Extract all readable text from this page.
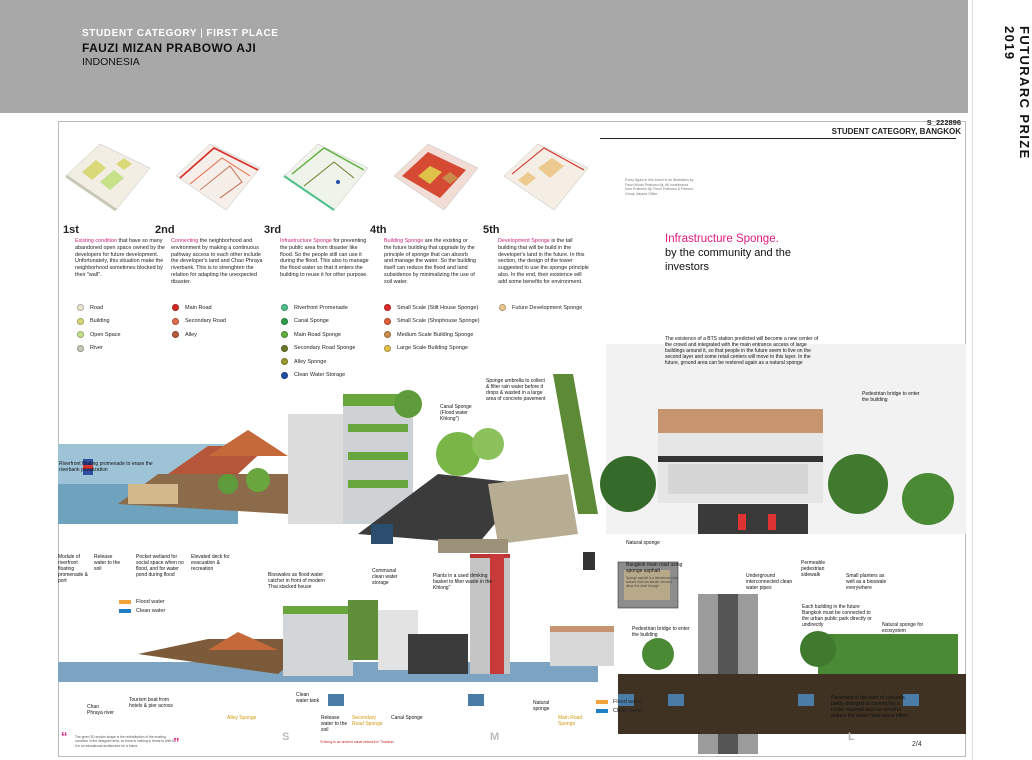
STUDENT CATEGORY | FIRST PLACE
FAUZI MIZAN PRABOWO AJI
INDONESIA	FUTURARC PRIZE 2019
S_222896
STUDENT CATEGORY, BANGKOK
Every figure in this board is an illustration by Fauzi Mizan Prabowo Aji. All contributors from Prabowo Aji. Fikrul Prabowo & Paimus. Group Jakarta Office
1st	2nd	3rd	4th	5th
Existing condition that have so many abandoned open space owned by the developers for future development. Unfortunately, this situation make the neighborhood sometimes blocked by their "wall".
Connecting the neighborhood and environment by making a continuous pathway access to each other include the developer's land and Chao Phraya riverbank. This is to strenghten the relation for adapting the unexpected disaster.
Infrastructure Sponge for preventing the public area from disaster like flood. So the people still can use it during the flood. This also to manage the flood water so that it enters the building to reuse it for other purpose.
Building Sponge are the existing or the future building that upgrade by the principle of sponge that can absorb and manage the water. So the building itself can reduce the flood and land subsidence by minimalizing the use of soil water.
Development Sponge is the tall building that will be build in the developer's land in the future. In this section, the design of the tower suggested to use the sponge principle also. In the end, their existence will add some benefits for environment.
Road
Building
Open Space
River
Main Road
Secondary Road
Alley
Riverfront Promenade
Canal Sponge
Main Road Sponge
Secondary Road Sponge
Alley Sponge
Clean Water Storage
Small Scale (Stilt House Sponge)
Small Scale (Shophouse Sponge)
Medium Scale Building Sponge
Large Scale Building Sponge
Future Development Sponge
Infrastructure Sponge.
by the community and the investors
The existence of a BTS station predicted will become a new center of the crowd and integrated with the main entrance access of large buildings around it, so that people in the future seem to live on the second layer and some retail centers will move to this layer. In the future, ground area can be restored again as a natural sponge
Pedestrian bridge to enter the building
Sponge umbrella to collect & filter rain water before it drops & wasted in a large area of concrete pavement
Canal Sponge (Flood water Khlong")
Riverfront floating promenade to erase the riverbank privatization
Module of riverfront floating promenade & port
Release water to the soil
Pocket wetland for social space when no flood, and for water pond during flood
Elevated deck for evacuation & recreation
Bioswales as flood water catcher in front of modern Thai stacked house
Communal clean water storage
Plants in a used drinking basket to filter waste in the Khlong"
Natural sponge
Bangkok main road using sponge asphalt
Sponge asphalt is a bituminous road surface that can absorb rain and allow it to drain through
Underground interconnected clean water pipes
Permeable pedestrian sidewalk	Small planters as well as a bioswale everywhere
Each building in the future Bangkok must be connected to the urban public park directly or undirectly	Natural sponge for ecosystem
Pedestrian bridge to enter the building
Chao Phraya river
Tourism boat from hotels & pier across
Alley Sponge
Clean water tank
Release water to the soil
Secondary Road Sponge
Canal Sponge
Natural sponge
Main Road Sponge
Pavement in the form of concrete, partly changed or covered by a cooler material such as wood to reduce the urban heat island effect
Flood water
Clean water
Flood water
Clean water
S	M	L
“ The given 3D section shape is the redistribution of the existing condition in the designed area, so there is nothing in terms to shift it, it is an educational architecture for a future.	”	*Khlong is an ancient canal network in Thailand	2/4
